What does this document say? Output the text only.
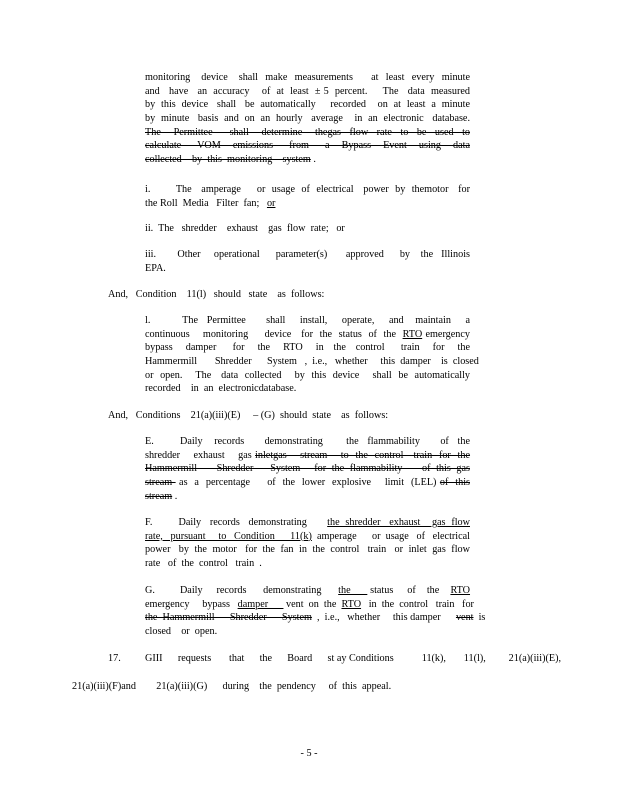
monitoring   device   shall  make  measurements     at  least  every  minute
and   have   an  accuracy    of  at  least  ± 5  percent.     The   data  measured
by  this  device   shall   be  automatically     recorded    on  at  least  a  minute
by  minute   basis  and  on  an  hourly   average    in  an  electronic   database.
The   Permittee    shall   determine   thegas  flow  rate  to  be  used  to
calculate    VOM   emissions    from    a   Bypass   Event   using   data
collected    by  this  monitoring    system .
i.        The   amperage     or  usage  of  electrical   power  by  themotor   for
the Roll  Media   Filter  fan;   or
ii.  The   shredder    exhaust    gas  flow  rate;   or
iii.        Other     operational      parameter(s)       approved      by    the   Illinois
EPA.
And,   Condition    11(l)   should   state    as  follows:
l.           The   Permittee       shall     install,     operate,     and    maintain     a
continuous    monitoring     device   for  the  status  of  the  RTO emergency
bypass    damper     for    the    RTO    in   the   control     train    for    the
Hammermill       Shredder      System   ,  i.e.,   whether     this  damper    is  closed
or  open.    The   data  collected    by  this  device    shall  be  automatically
recorded    in  an  electronicdatabase.
And,   Conditions    21(a)(iii)(E)     – (G)  should  state    as  follows:
E.         Daily    records       demonstrating        the   flammability       of   the
shredder    exhaust    gas inletgas    stream    to  the  control   train  for  the
Hammermill       Shredder      System     for  the  flammability       of  this  gas
stream  as  a  percentage     of  the  lower  explosive    limit  (LEL) of  this
stream .
F.         Daily   records   demonstrating       the  shredder   exhaust    gas  flow
rate,   pursuant     to   Condition      11(k)  amperage      or  usage   of   electrical
power   by  the  motor   for  the  fan  in  the  control   train   or  inlet  gas  flow
rate   of  the  control   train  .
G.         Daily     records      demonstrating      the       status     of    the    RTO
emergency     bypass   damper       vent  on  the  RTO   in  the  control   train   for
the  Hammermill      Shredder      System  ,  i.e.,   whether     this damper      vent  is
closed    or  open.
17. GIII      requests       that      the      Board      st ay Conditions           11(k),       11(l),         21(a)(iii)(E),
21(a)(iii)(F)and        21(a)(iii)(G)      during    the  pendency     of  this  appeal.
- 5 -
